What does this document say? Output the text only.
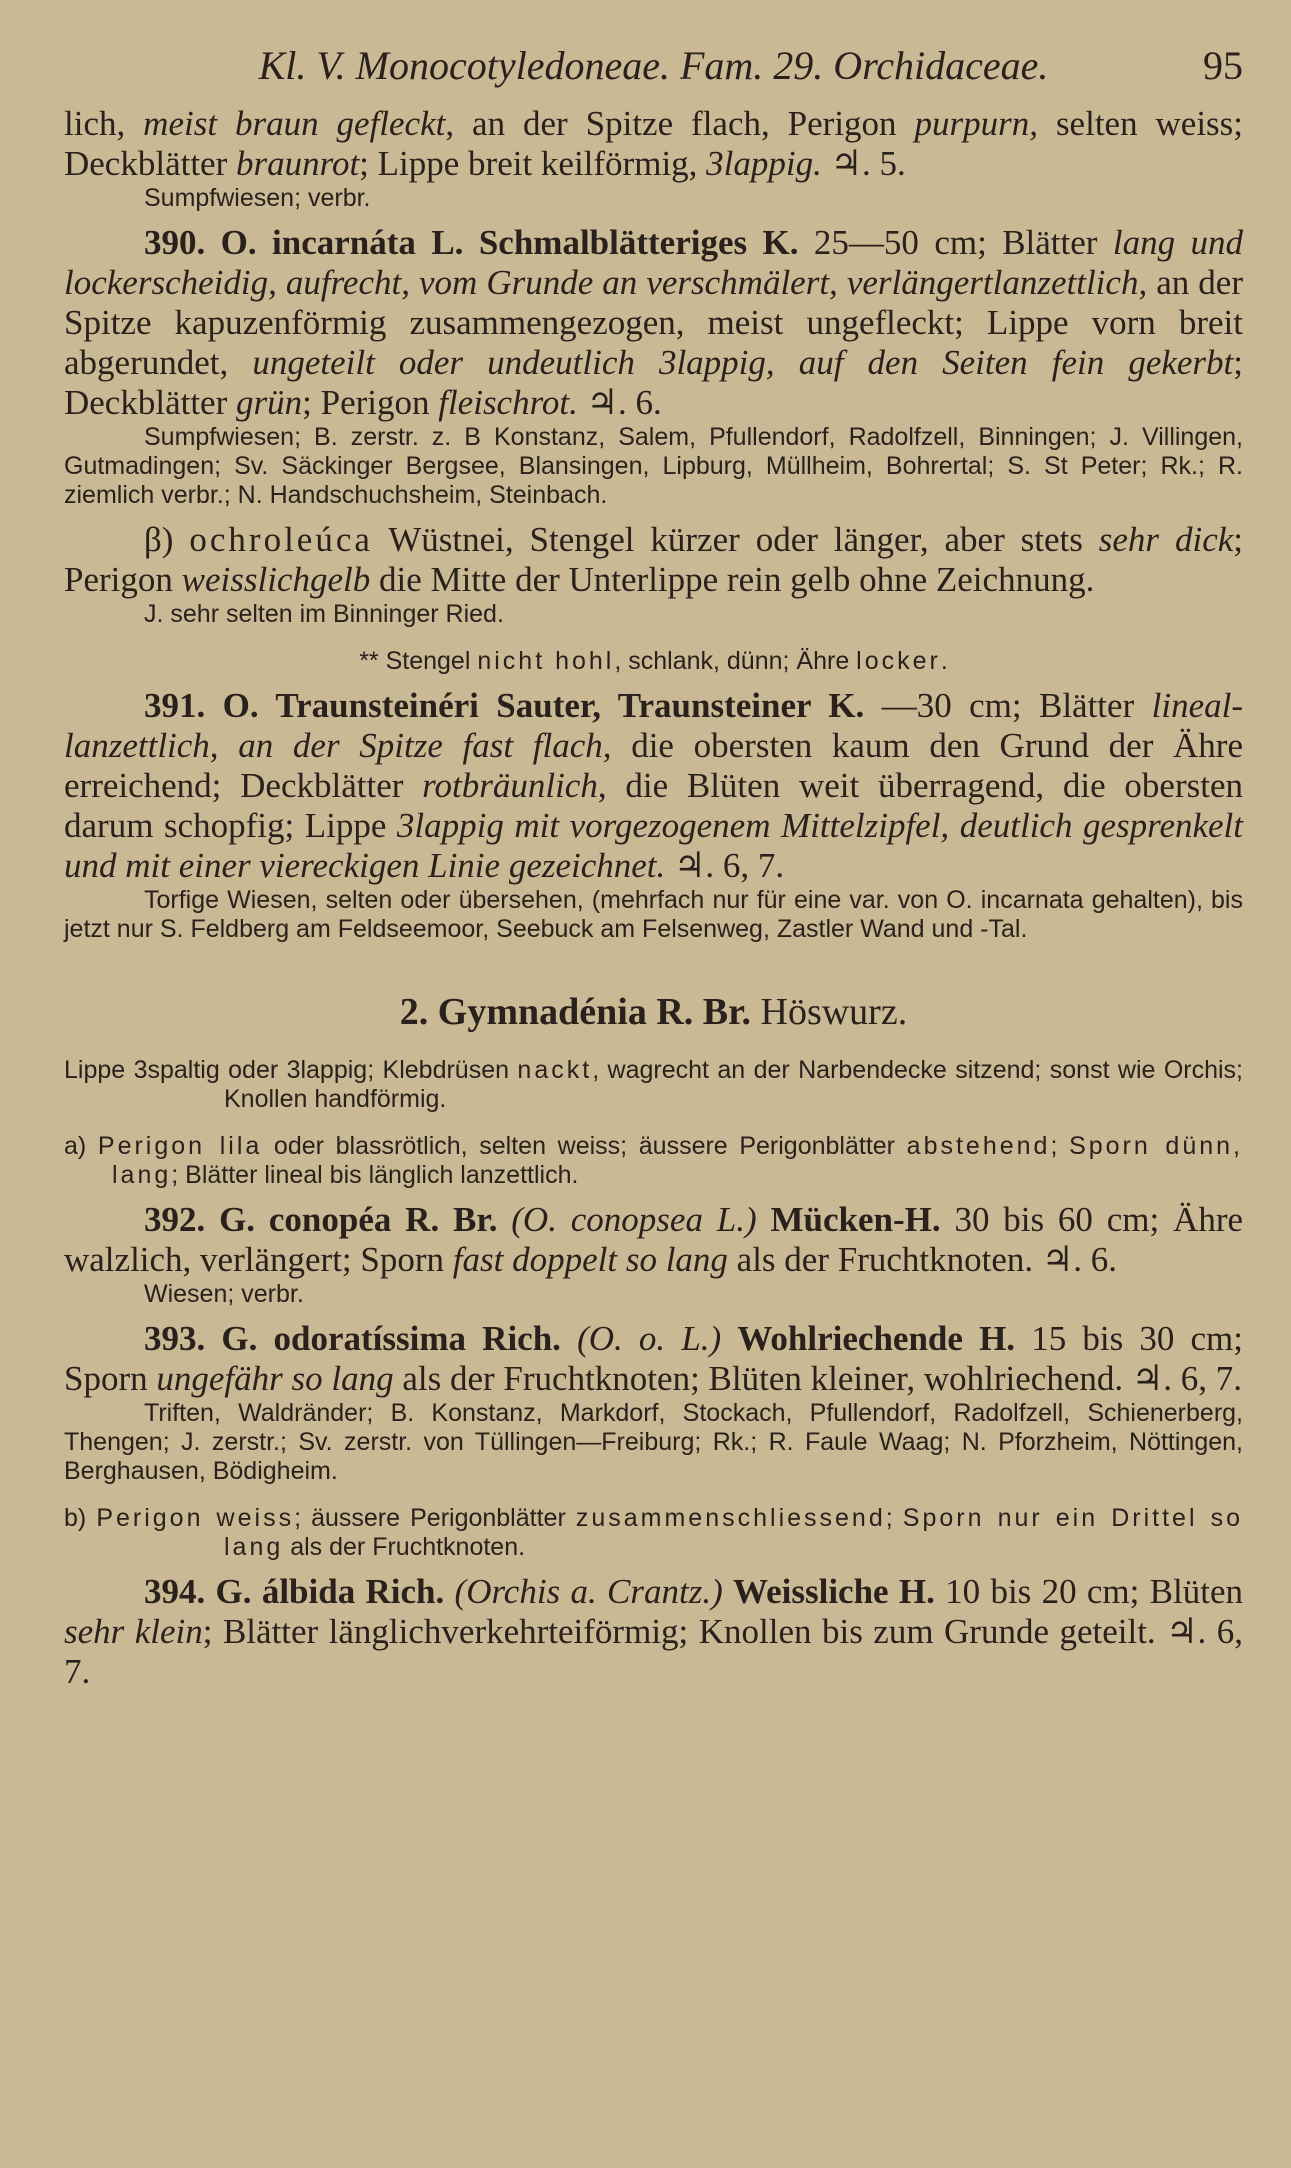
Kl. V. Monocotyledoneae. Fam. 29. Orchidaceae.	95

lich, meist braun gefleckt, an der Spitze flach, Perigon purpurn, selten weiss; Deckblätter braunrot; Lippe breit keilförmig, 3lappig. ♃. 5.

Sumpfwiesen; verbr.

390. O. incarnáta L. Schmalblätteriges K. 25—50 cm; Blätter lang und lockerscheidig, aufrecht, vom Grunde an verschmälert, verlängertlanzettlich, an der Spitze kapuzenförmig zusammengezogen, meist ungefleckt; Lippe vorn breit abgerundet, ungeteilt oder undeutlich 3lappig, auf den Seiten fein gekerbt; Deckblätter grün; Perigon fleischrot. ♃. 6.

Sumpfwiesen; B. zerstr. z. B Konstanz, Salem, Pfullendorf, Radolfzell, Binningen; J. Villingen, Gutmadingen; Sv. Säckinger Bergsee, Blansingen, Lipburg, Müllheim, Bohrertal; S. St Peter; Rk.; R. ziemlich verbr.; N. Handschuchsheim, Steinbach.

β) ochroleúca Wüstnei, Stengel kürzer oder länger, aber stets sehr dick; Perigon weisslichgelb die Mitte der Unterlippe rein gelb ohne Zeichnung.

J. sehr selten im Binninger Ried.

** Stengel nicht hohl, schlank, dünn; Ähre locker.

391. O. Traunsteinéri Sauter, Traunsteiner K. —30 cm; Blätter lineal-lanzettlich, an der Spitze fast flach, die obersten kaum den Grund der Ähre erreichend; Deckblätter rotbräunlich, die Blüten weit überragend, die obersten darum schopfig; Lippe 3lappig mit vorgezogenem Mittelzipfel, deutlich gesprenkelt und mit einer viereckigen Linie gezeichnet. ♃. 6, 7.

Torfige Wiesen, selten oder übersehen, (mehrfach nur für eine var. von O. incarnata gehalten), bis jetzt nur S. Feldberg am Feldseemoor, Seebuck am Felsenweg, Zastler Wand und -Tal.

2. Gymnadénia R. Br. Höswurz.

Lippe 3spaltig oder 3lappig; Klebdrüsen nackt, wagrecht an der Narbendecke sitzend; sonst wie Orchis; Knollen handförmig.

a) Perigon lila oder blassrötlich, selten weiss; äussere Perigonblätter abstehend; Sporn dünn, lang; Blätter lineal bis länglich lanzettlich.

392. G. conopéa R. Br. (O. conopsea L.) Mücken-H. 30 bis 60 cm; Ähre walzlich, verlängert; Sporn fast doppelt so lang als der Fruchtknoten. ♃. 6.

Wiesen; verbr.

393. G. odoratíssima Rich. (O. o. L.) Wohlriechende H. 15 bis 30 cm; Sporn ungefähr so lang als der Fruchtknoten; Blüten kleiner, wohlriechend. ♃. 6, 7.

Triften, Waldränder; B. Konstanz, Markdorf, Stockach, Pfullendorf, Radolfzell, Schienerberg, Thengen; J. zerstr.; Sv. zerstr. von Tüllingen—Freiburg; Rk.; R. Faule Waag; N. Pforzheim, Nöttingen, Berghausen, Bödigheim.

b) Perigon weiss; äussere Perigonblätter zusammenschliessend; Sporn nur ein Drittel so lang als der Fruchtknoten.

394. G. álbida Rich. (Orchis a. Crantz.) Weissliche H. 10 bis 20 cm; Blüten sehr klein; Blätter länglichverkehrteiförmig; Knollen bis zum Grunde geteilt. ♃. 6, 7.
